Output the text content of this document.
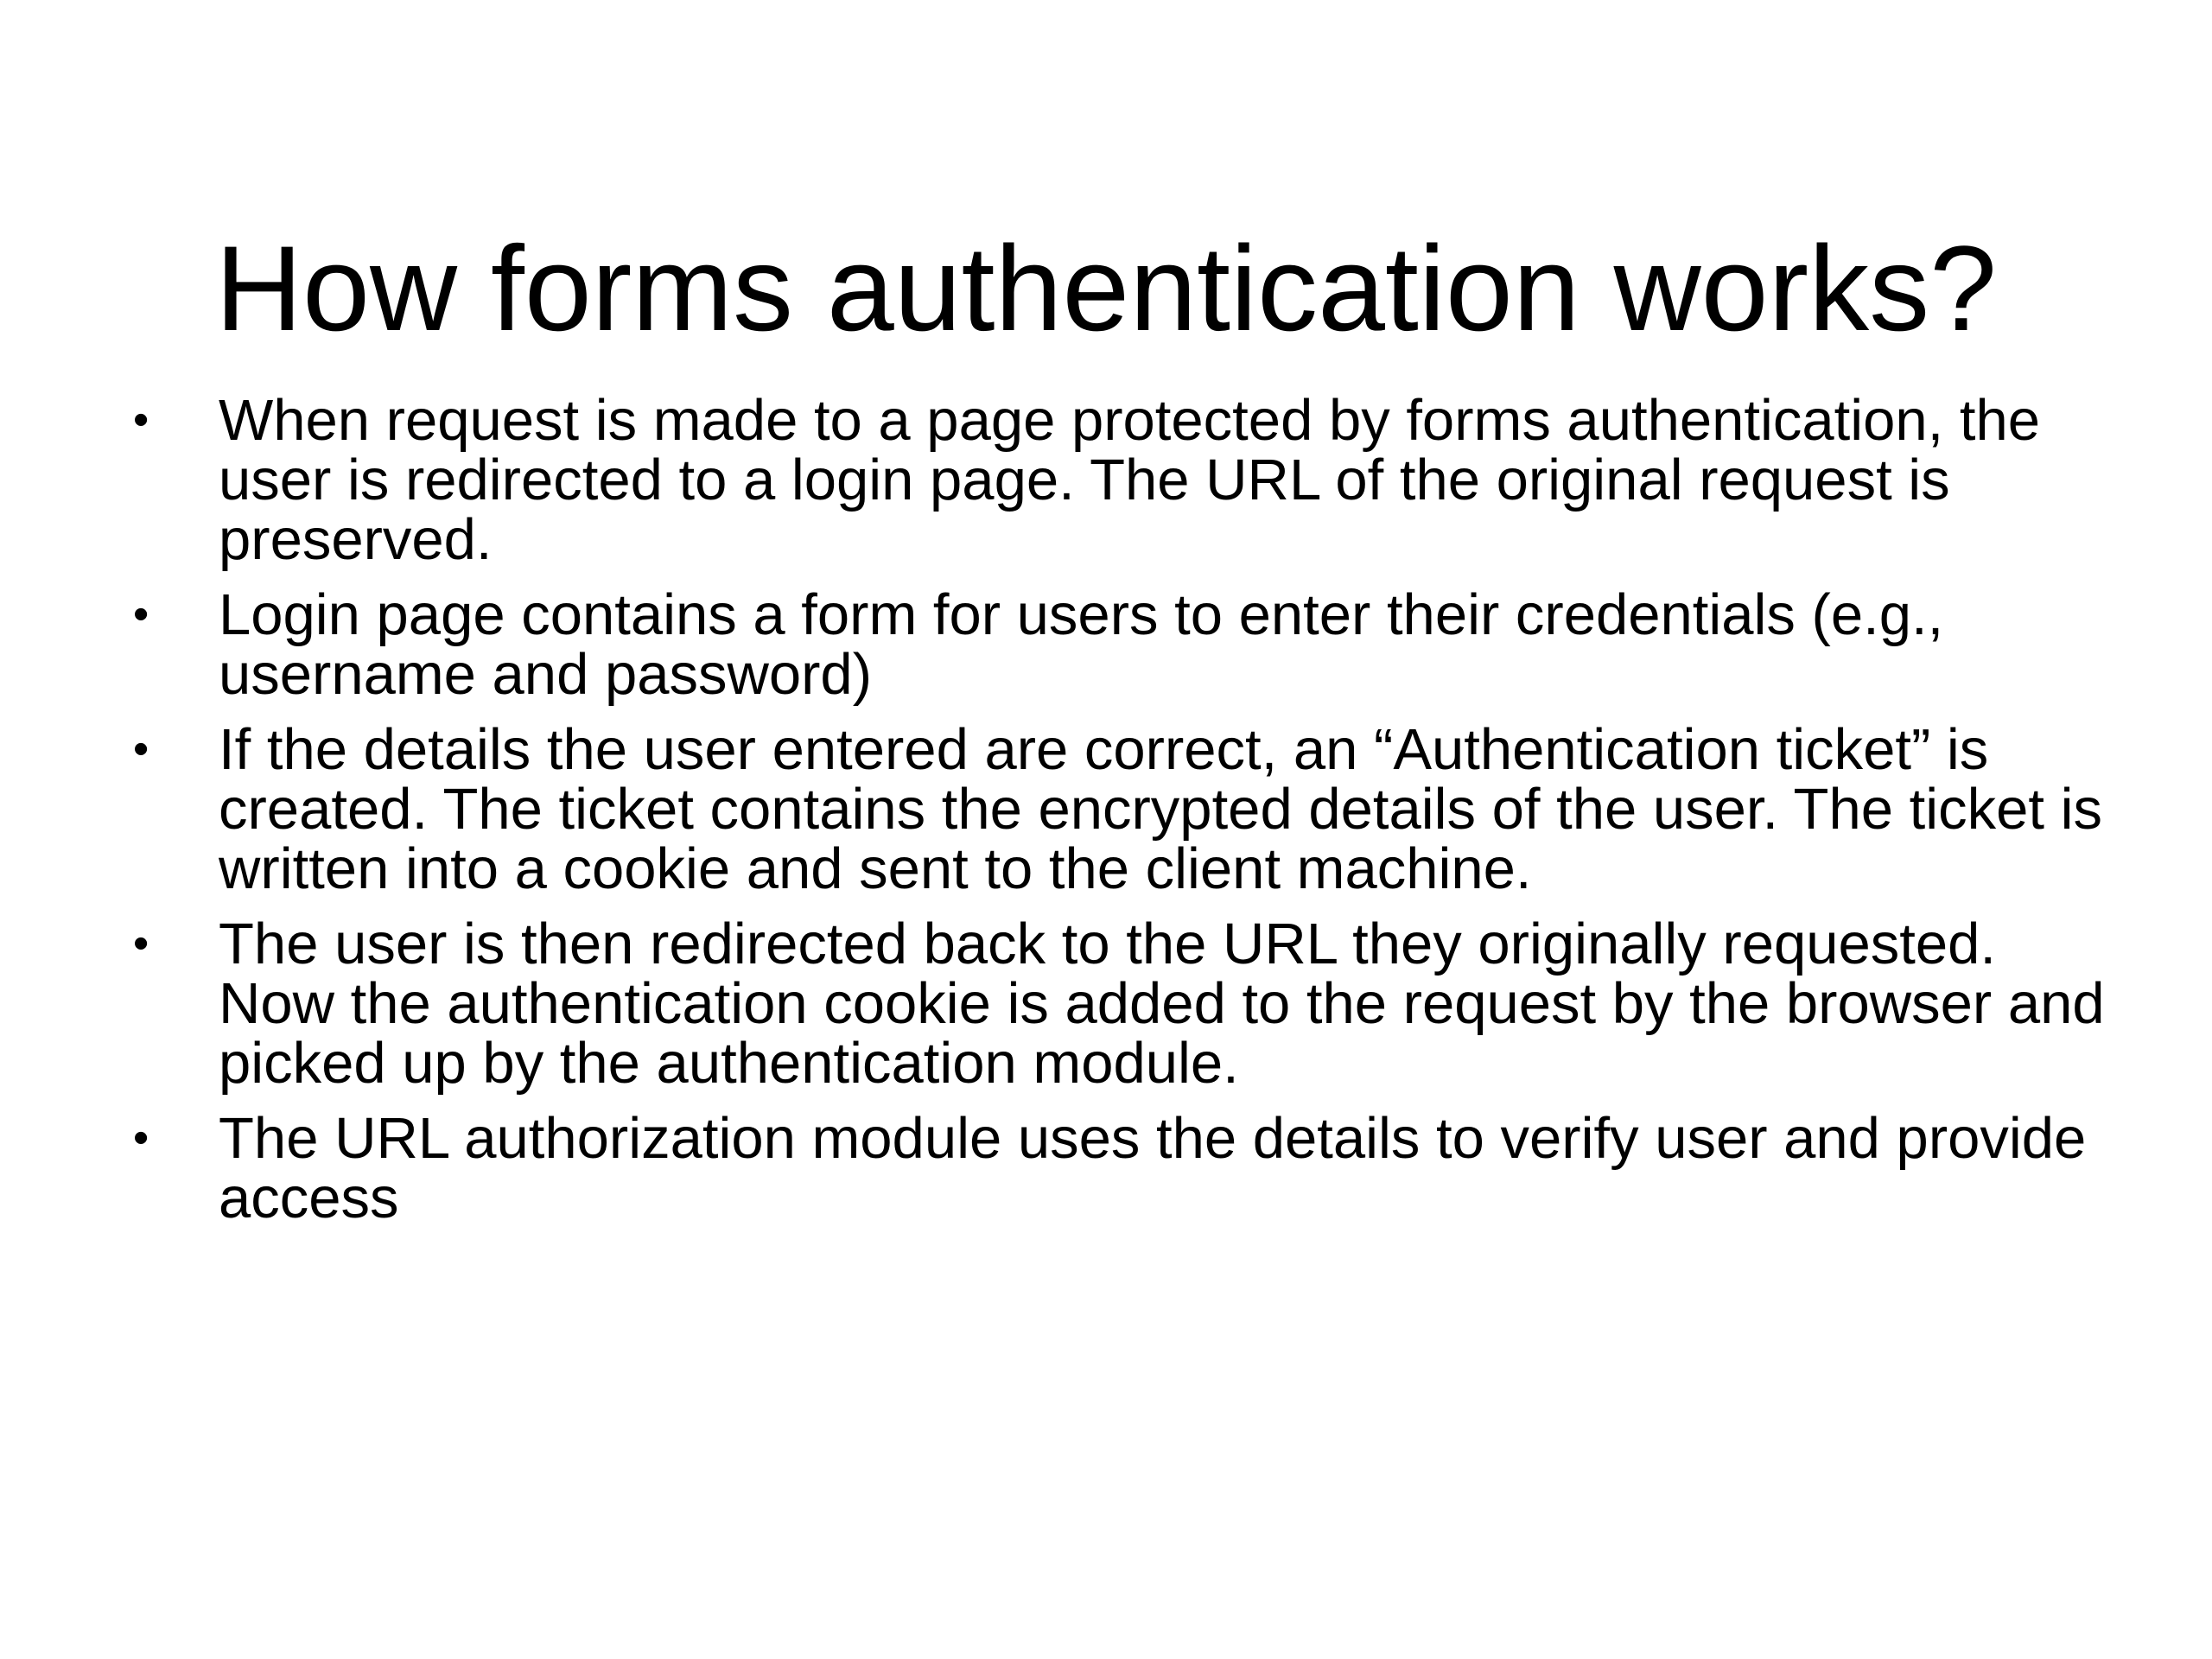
How forms authentication works?
• When request is made to a page protected by forms authentication, the user is redirected to a login page. The URL of the original request is preserved.
• Login page contains a form for users to enter their credentials (e.g., username and password)
• If the details the user entered are correct, an “Authentication ticket” is created. The ticket contains the encrypted details of the user. The ticket is written into a cookie and sent to the client machine.
• The user is then redirected back to the URL they originally requested. Now the authentication cookie is added to the request by the browser and picked up by the authentication module.
• The URL authorization module uses the details to verify user and provide access
